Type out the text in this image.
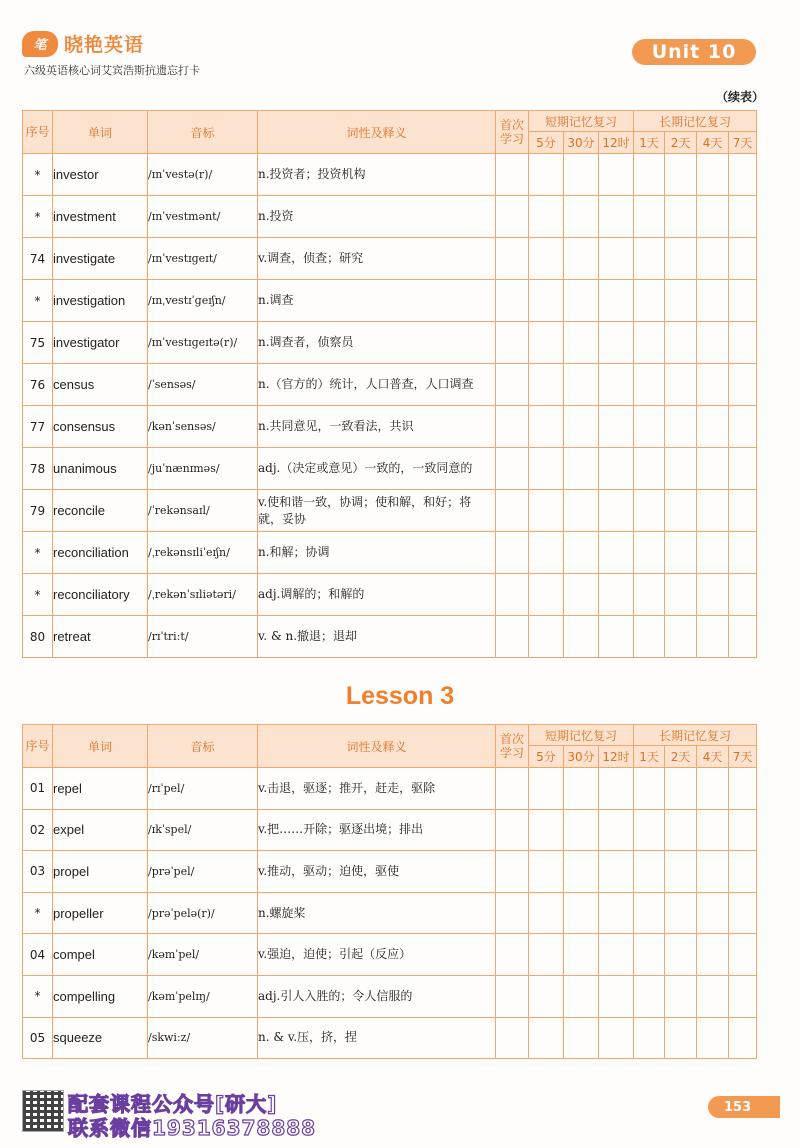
笔 晓艳英语
六级英语核心词艾宾浩斯抗遗忘打卡
Unit 10
（续表）
序号	单词	音标	词性及释义	首次学习	短期记忆复习			长期记忆复习			
					5分	30分	12时	1天	2天	4天	7天
*	investor	/ɪnˈvestə(r)/	n.投资者；投资机构								
*	investment	/ɪnˈvestmənt/	n.投资								
74	investigate	/ɪnˈvestɪɡeɪt/	v.调查，侦查；研究								
*	investigation	/ɪnˌvestɪˈɡeɪʃn/	n.调查								
75	investigator	/ɪnˈvestɪɡeɪtə(r)/	n.调查者，侦察员								
76	census	/ˈsensəs/	n.（官方的）统计，人口普查，人口调查								
77	consensus	/kənˈsensəs/	n.共同意见，一致看法，共识								
78	unanimous	/juˈnænɪməs/	adj.（决定或意见）一致的，一致同意的								
79	reconcile	/ˈrekənsaɪl/	v.使和谐一致，协调；使和解，和好；将就，妥协								
*	reconciliation	/ˌrekənsɪliˈeɪʃn/	n.和解；协调								
*	reconciliatory	/ˌrekənˈsɪliətəri/	adj.调解的；和解的								
80	retreat	/rɪˈtriːt/	v. & n.撤退；退却								
Lesson 3
序号	单词	音标	词性及释义	首次学习	短期记忆复习			长期记忆复习			
					5分	30分	12时	1天	2天	4天	7天
01	repel	/rɪˈpel/	v.击退，驱逐；推开，赶走，驱除								
02	expel	/ɪkˈspel/	v.把……开除；驱逐出境；排出								
03	propel	/prəˈpel/	v.推动，驱动；迫使，驱使								
*	propeller	/prəˈpelə(r)/	n.螺旋桨								
04	compel	/kəmˈpel/	v.强迫，迫使；引起（反应）								
*	compelling	/kəmˈpelɪŋ/	adj.引人入胜的；令人信服的								
05	squeeze	/skwiːz/	n. & v.压，挤，捏								
配套课程公众号[研大]
联系微信19316378888
153
